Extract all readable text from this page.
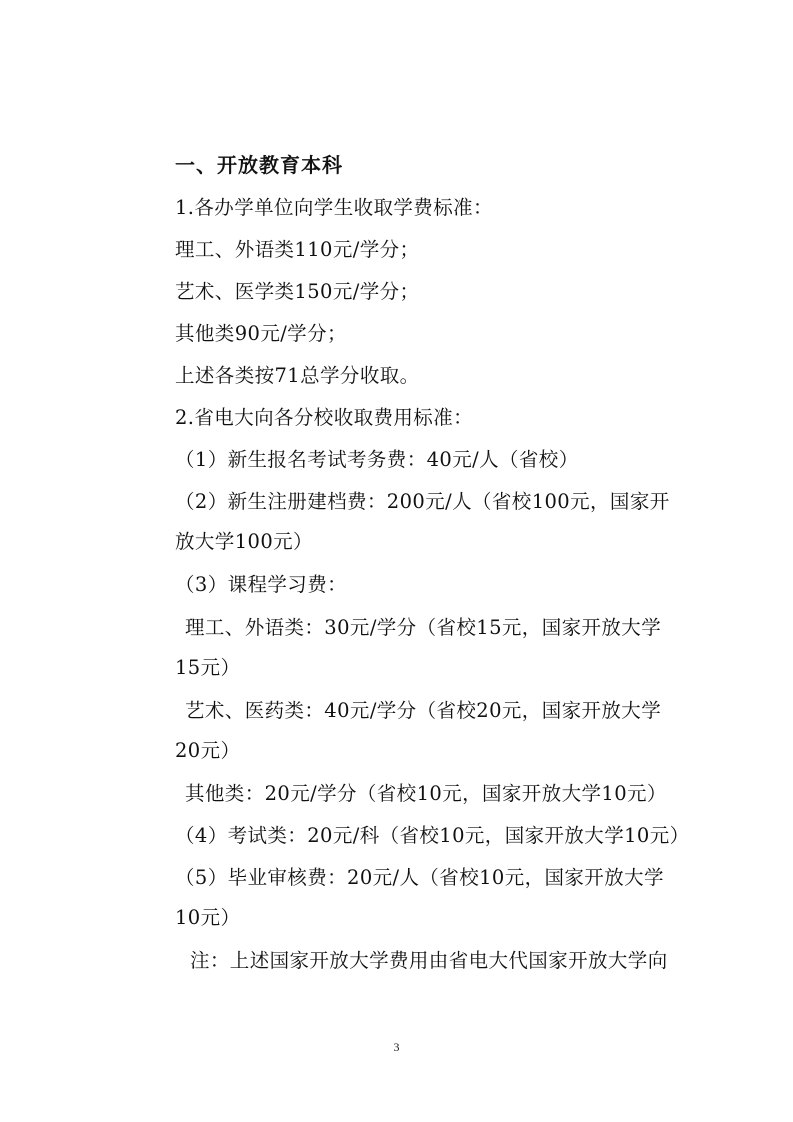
一、开放教育本科
1.各办学单位向学生收取学费标准：
理工、外语类110元/学分；
艺术、医学类150元/学分；
其他类90元/学分；
上述各类按71总学分收取。
2.省电大向各分校收取费用标准：
（1）新生报名考试考务费：40元/人（省校）
（2）新生注册建档费：200元/人（省校100元，国家开
放大学100元）
（3）课程学习费：
理工、外语类：30元/学分（省校15元，国家开放大学
15元）
艺术、医药类：40元/学分（省校20元，国家开放大学
20元）
其他类：20元/学分（省校10元，国家开放大学10元）
（4）考试类：20元/科（省校10元，国家开放大学10元）
（5）毕业审核费：20元/人（省校10元，国家开放大学
10元）
注：上述国家开放大学费用由省电大代国家开放大学向
3
